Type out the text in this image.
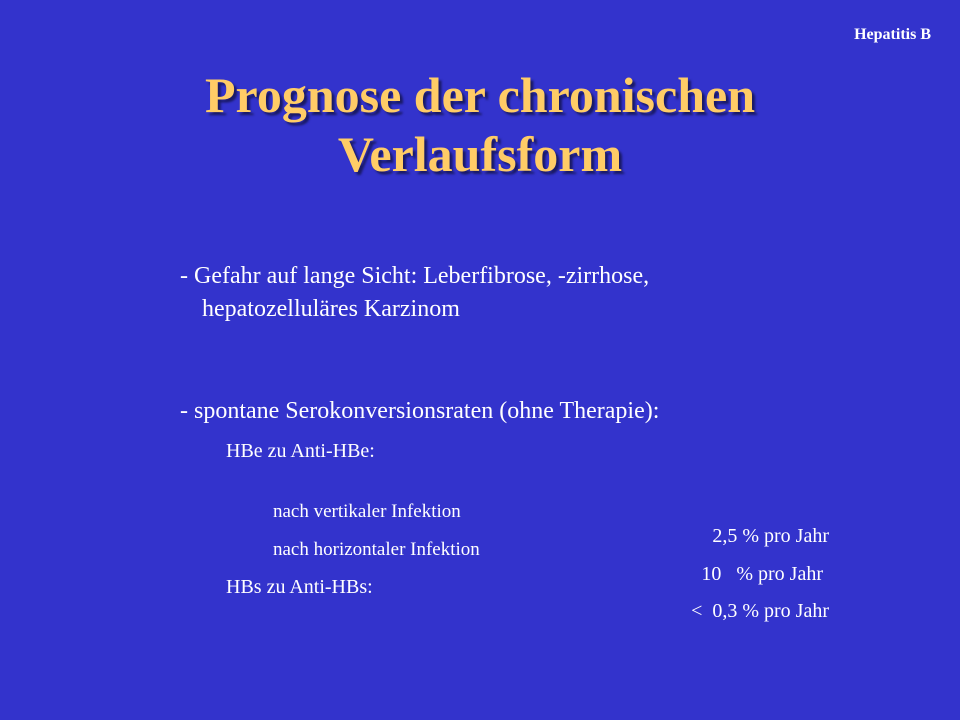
Hepatitis B
Prognose der chronischen
Verlaufsform
- Gefahr auf lange Sicht: Leberfibrose, -zirrhose,
hepatozelluläres Karzinom
- spontane Serokonversionsraten (ohne Therapie):
HBe zu Anti-HBe:

nach vertikaler Infektion

2,5 % pro Jahr

nach horizontaler Infektion

10   % pro Jahr

HBs zu Anti-HBs:

<  0,3 % pro Jahr
